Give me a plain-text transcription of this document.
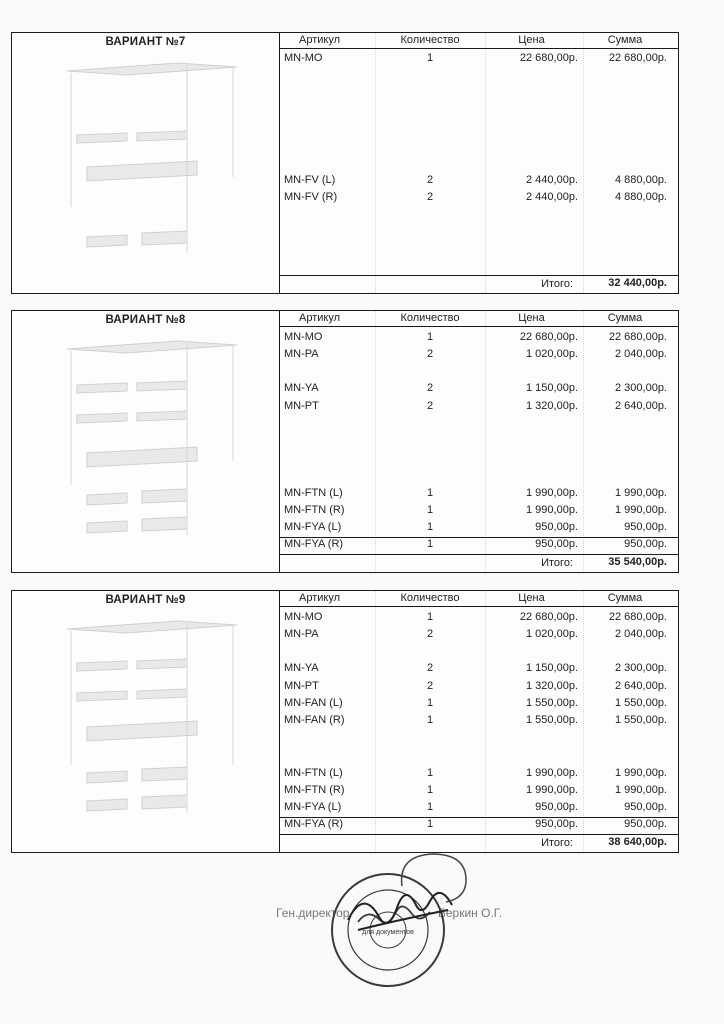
ВАРИАНТ №7	Артикул	Количество	Цена	Сумма
MN-MO	1	22 680,00р.	22 680,00р.
MN-FV (L)	2	2 440,00р.	4 880,00р.
MN-FV (R)	2	2 440,00р.	4 880,00р.
Итого:	32 440,00р.
ВАРИАНТ №8	Артикул	Количество	Цена	Сумма
MN-MO	1	22 680,00р.	22 680,00р.
MN-PA	2	1 020,00р.	2 040,00р.
MN-YA	2	1 150,00р.	2 300,00р.
MN-PT	2	1 320,00р.	2 640,00р.
MN-FTN (L)	1	1 990,00р.	1 990,00р.
MN-FTN (R)	1	1 990,00р.	1 990,00р.
MN-FYA (L)	1	950,00р.	950,00р.
MN-FYA (R)	1	950,00р.	950,00р.
Итого:	35 540,00р.
ВАРИАНТ №9	Артикул	Количество	Цена	Сумма
MN-MO	1	22 680,00р.	22 680,00р.
MN-PA	2	1 020,00р.	2 040,00р.
MN-YA	2	1 150,00р.	2 300,00р.
MN-PT	2	1 320,00р.	2 640,00р.
MN-FAN (L)	1	1 550,00р.	1 550,00р.
MN-FAN (R)	1	1 550,00р.	1 550,00р.
MN-FTN (L)	1	1 990,00р.	1 990,00р.
MN-FTN (R)	1	1 990,00р.	1 990,00р.
MN-FYA (L)	1	950,00р.	950,00р.
MN-FYA (R)	1	950,00р.	950,00р.
Итого:	38 640,00р.
Ген.директор	Беркин О.Г.
для документов
